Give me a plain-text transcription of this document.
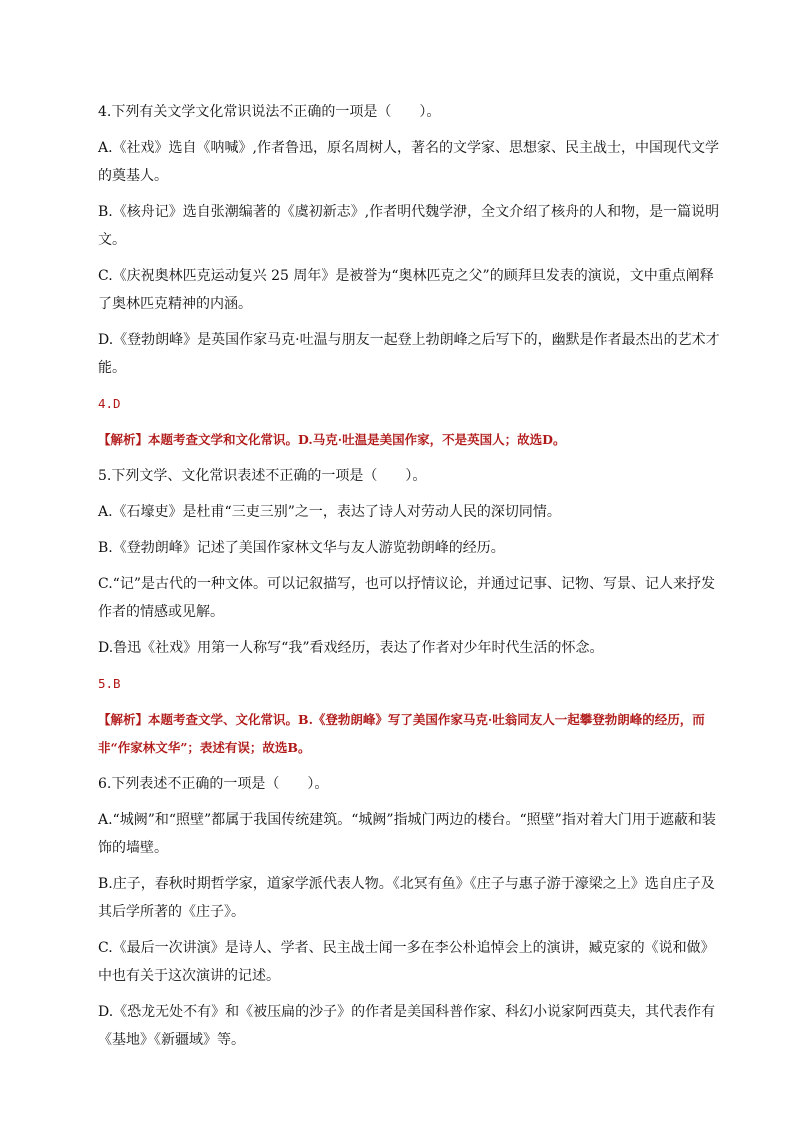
4.下列有关文学文化常识说法不正确的一项是（　　）。

A.《社戏》选自《呐喊》,作者鲁迅，原名周树人，著名的文学家、思想家、民主战士，中国现代文学的奠基人。

B.《核舟记》选自张潮编著的《虞初新志》,作者明代魏学洢，全文介绍了核舟的人和物，是一篇说明文。

C.《庆祝奥林匹克运动复兴 25 周年》是被誉为“奥林匹克之父”的顾拜旦发表的演说，文中重点阐释了奥林匹克精神的内涵。

D.《登勃朗峰》是英国作家马克·吐温与朋友一起登上勃朗峰之后写下的，幽默是作者最杰出的艺术才能。

4.D

【解析】本题考查文学和文化常识。D.马克·吐温是美国作家，不是英国人；故选D。

5.下列文学、文化常识表述不正确的一项是（　　）。

A.《石壕吏》是杜甫“三吏三别”之一，表达了诗人对劳动人民的深切同情。

B.《登勃朗峰》记述了美国作家林文华与友人游览勃朗峰的经历。

C.“记”是古代的一种文体。可以记叙描写，也可以抒情议论，并通过记事、记物、写景、记人来抒发作者的情感或见解。

D.鲁迅《社戏》用第一人称写“我”看戏经历，表达了作者对少年时代生活的怀念。

5.B

【解析】本题考查文学、文化常识。B.《登勃朗峰》写了美国作家马克·吐翁同友人一起攀登勃朗峰的经历，而非“作家林文华”；表述有误；故选B。

6.下列表述不正确的一项是（　　）。

A.“城阙”和“照壁”都属于我国传统建筑。“城阙”指城门两边的楼台。“照壁”指对着大门用于遮蔽和装饰的墙壁。

B.庄子，春秋时期哲学家，道家学派代表人物。《北冥有鱼》《庄子与惠子游于濠梁之上》选自庄子及其后学所著的《庄子》。

C.《最后一次讲演》是诗人、学者、民主战士闻一多在李公朴追悼会上的演讲，臧克家的《说和做》中也有关于这次演讲的记述。

D.《恐龙无处不有》和《被压扁的沙子》的作者是美国科普作家、科幻小说家阿西莫夫，其代表作有《基地》《新疆域》等。
